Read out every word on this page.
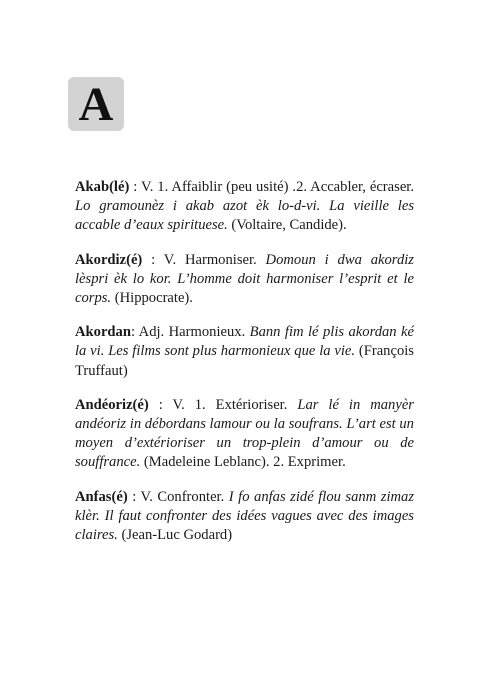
A

Akab(lé) : V. 1. Affaiblir (peu usité) .2. Accabler, écraser. Lo gramounèz i akab azot èk lo-d-vi. La vieille les accable d’eaux spirituese. (Voltaire, Candide).

Akordiz(é) : V. Harmoniser. Domoun i dwa akordiz lèspri èk lo kor. L’homme doit harmoniser l’esprit et le corps. (Hippocrate).

Akordan: Adj. Harmonieux. Bann fim lé plis akordan ké la vi. Les films sont plus harmonieux que la vie. (François Truffaut)

Andéoriz(é) : V. 1. Extérioriser. Lar lé in manyèr andéoriz in débordans lamour ou la soufrans. L’art est un moyen d’extérioriser un trop-plein d’amour ou de souffrance. (Madeleine Leblanc). 2. Exprimer.

Anfas(é) : V. Confronter. I fo anfas zidé flou sanm zimaz klèr. Il faut confronter des idées vagues avec des images claires. (Jean-Luc Godard)
